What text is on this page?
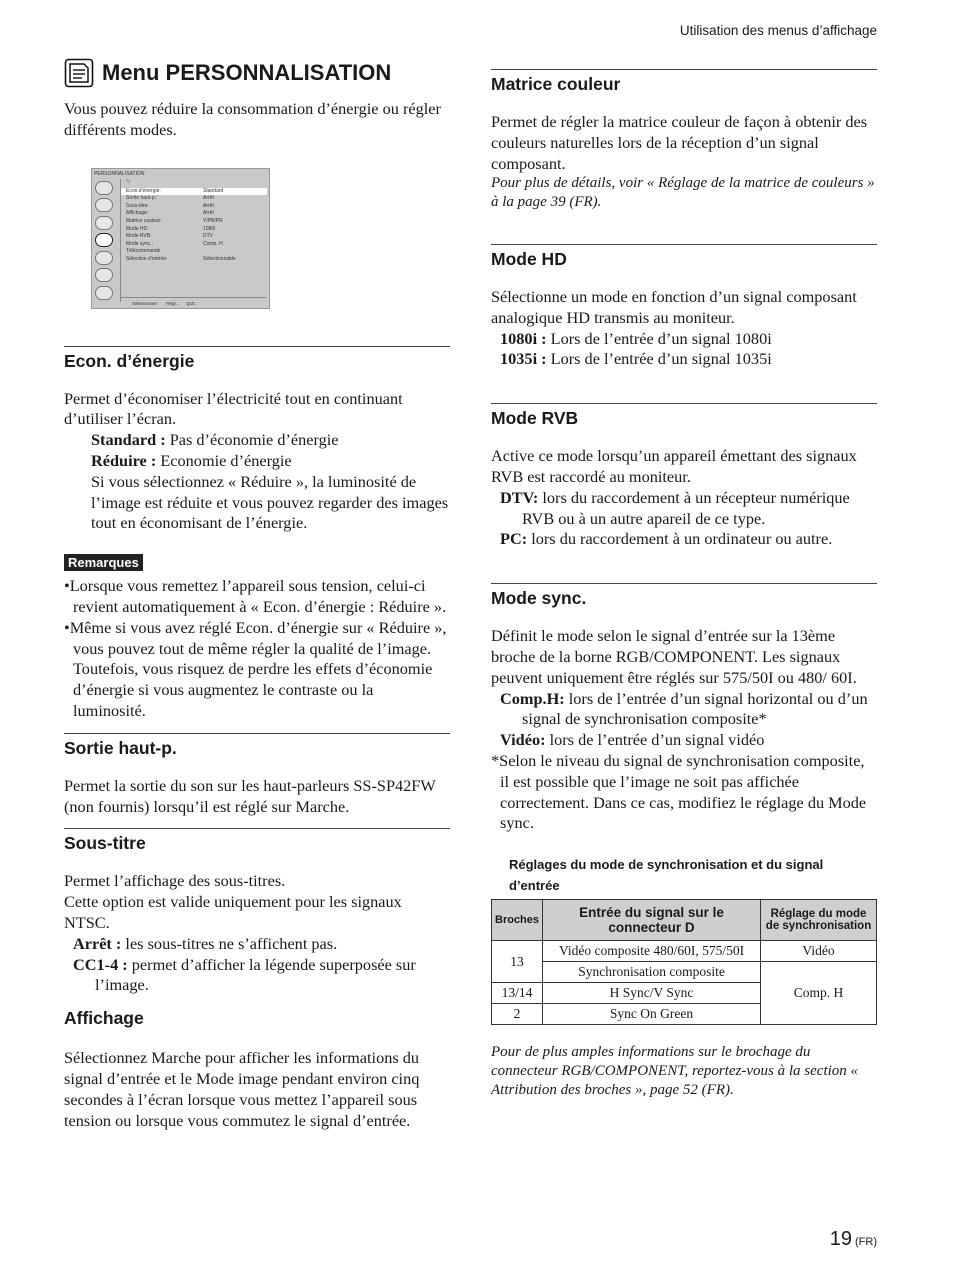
Utilisation des menus d’affichage
Menu PERSONNALISATION

Vous pouvez réduire la consommation d’énergie ou régler différents modes.

PERSONNALISATION
⮌
Econ.d’énergie:	Standard
Sortie haut-p.:	Arrêt
Sous-titre:	Arrêt
Affichage:	Arrêt
Matrice couleur:	Y/PB/PR
Mode HD:	1080i
Mode RVB:	DTV
Mode sync.:	Comp. H
Télécommande
Sélection d’entrée:	Sélectionnable
Sélectionner: Régl.: Quit.:
Econ. d’énergie

Permet d’économiser l’électricité tout en continuant d’utiliser l’écran.

Standard : Pas d’économie d’énergie

Réduire : Economie d’énergie

Si vous sélectionnez « Réduire », la luminosité de l’image est réduite et vous pouvez regarder des images tout en économisant de l’énergie.

Remarques

•Lorsque vous remettez l’appareil sous tension, celui-ci revient automatiquement à « Econ. d’énergie : Réduire ».

•Même si vous avez réglé Econ. d’énergie sur « Réduire », vous pouvez tout de même régler la qualité de l’image. Toutefois, vous risquez de perdre les effets d’économie d’énergie si vous augmentez le contraste ou la luminosité.

Sortie haut-p.

Permet la sortie du son sur les haut-parleurs SS-SP42FW (non fournis) lorsqu’il est réglé sur Marche.

Sous-titre

Permet l’affichage des sous-titres.

Cette option est valide uniquement pour les signaux NTSC.

Arrêt : les sous-titres ne s’affichent pas.

CC1-4 : permet d’afficher la légende superposée sur l’image.

Affichage

Sélectionnez Marche pour afficher les informations du signal d’entrée et le Mode image pendant environ cinq secondes à l’écran lorsque vous mettez l’appareil sous tension ou lorsque vous commutez le signal d’entrée.

Matrice couleur

Permet de régler la matrice couleur de façon à obtenir des couleurs naturelles lors de la réception d’un signal composant.

Pour plus de détails, voir « Réglage de la matrice de couleurs » à la page 39 (FR).

Mode HD

Sélectionne un mode en fonction d’un signal composant analogique HD transmis au moniteur.

1080i : Lors de l’entrée d’un signal 1080i

1035i : Lors de l’entrée d’un signal 1035i

Mode RVB

Active ce mode lorsqu’un appareil émettant des signaux RVB est raccordé au moniteur.

DTV: lors du raccordement à un récepteur numérique RVB ou à un autre apareil de ce type.

PC: lors du raccordement à un ordinateur ou autre.

Mode sync.

Définit le mode selon le signal d’entrée sur la 13ème broche de la borne RGB/COMPONENT. Les signaux peuvent uniquement être réglés sur 575/50I ou 480/ 60I.

Comp.H: lors de l’entrée d’un signal horizontal ou d’un signal de synchronisation composite*

Vidéo: lors de l’entrée d’un signal vidéo

*Selon le niveau du signal de synchronisation composite, il est possible que l’image ne soit pas affichée correctement. Dans ce cas, modifiez le réglage du Mode sync.

Réglages du mode de synchronisation et du signal d’entrée

Broches	Entrée du signal sur le connecteur D	Réglage du mode de synchronisation
13	Vidéo composite 480/60I, 575/50I	Vidéo
	Synchronisation composite	Comp. H
13/14	H Sync/V Sync	
2	Sync On Green	

Pour de plus amples informations sur le brochage du connecteur RGB/COMPONENT, reportez-vous à la section « Attribution des broches », page 52 (FR).

19 (FR)
